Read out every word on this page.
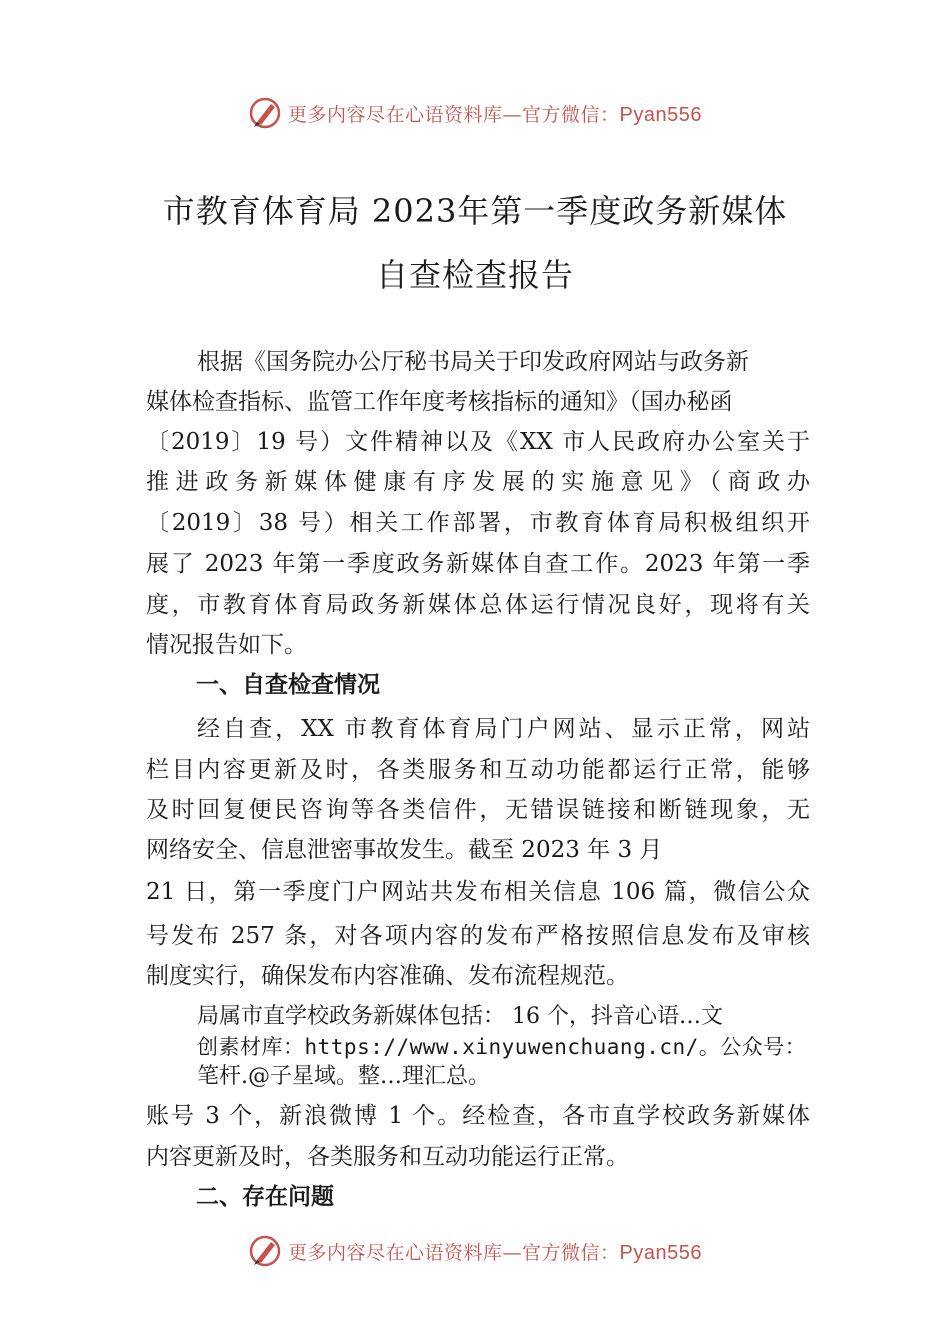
更多内容尽在心语资料库—官方微信：Pyan556
市教育体育局 2023年第一季度政务新媒体
自查检查报告
根据《国务院办公厅秘书局关于印发政府网站与政务新
媒体检查指标、监管工作年度考核指标的通知》（国办秘函
〔2019〕19 号）文件精神以及《XX 市人民政府办公室关于
推进政务新媒体健康有序发展的实施意见》（商政办
〔2019〕38 号）相关工作部署，市教育体育局积极组织开
展了 2023 年第一季度政务新媒体自查工作。2023 年第一季
度，市教育体育局政务新媒体总体运行情况良好，现将有关
情况报告如下。
一、自查检查情况
经自查，XX 市教育体育局门户网站、显示正常，网站
栏目内容更新及时，各类服务和互动功能都运行正常，能够
及时回复便民咨询等各类信件，无错误链接和断链现象，无
网络安全、信息泄密事故发生。截至 2023 年 3 月
21 日，第一季度门户网站共发布相关信息 106 篇，微信公众
号发布 257 条，对各项内容的发布严格按照信息发布及审核
制度实行，确保发布内容准确、发布流程规范。
局属市直学校政务新媒体包括： 16 个，抖音心语…文
创素材库：https://www.xinyuwenchuang.cn/。公众号：
笔杆.@子星域。整…理汇总。
账号 3 个，新浪微博 1 个。经检查，各市直学校政务新媒体
内容更新及时，各类服务和互动功能运行正常。
二、存在问题
更多内容尽在心语资料库—官方微信：Pyan556
